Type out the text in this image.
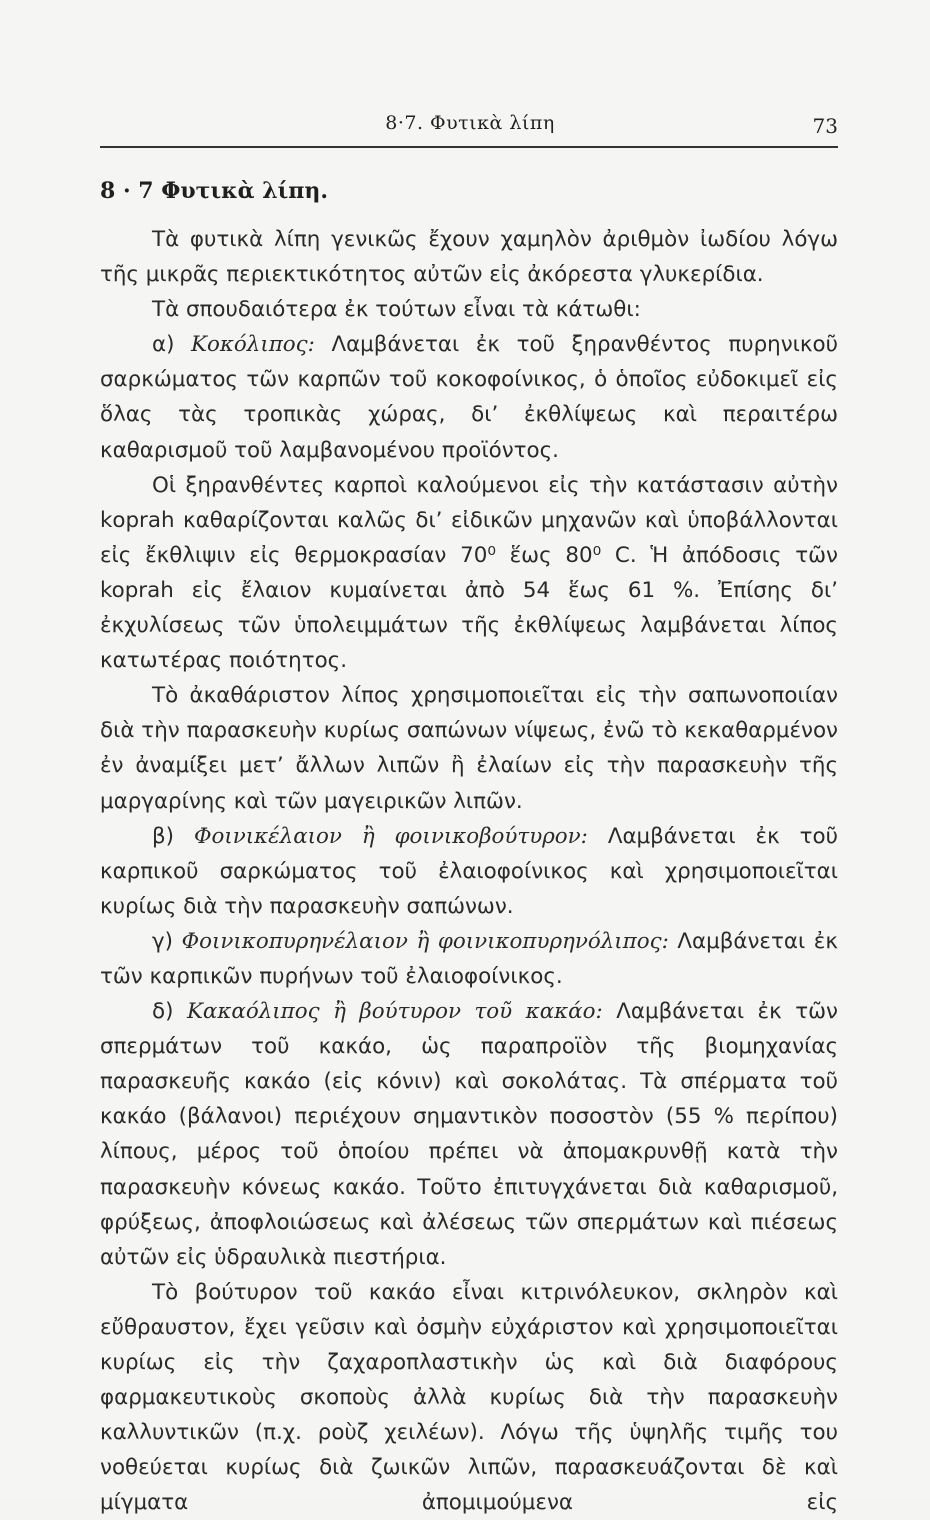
8·7. Φυτικὰ λίπη	73
8 · 7 Φυτικὰ λίπη.

Τὰ φυτικὰ λίπη γενικῶς ἔχουν χαμηλὸν ἀριθμὸν ἰωδίου λόγω τῆς μικρᾶς περιεκτικότητος αὐτῶν εἰς ἀκόρεστα γλυκερίδια.

Τὰ σπουδαιότερα ἐκ τούτων εἶναι τὰ κάτωθι:

α) Κοκόλιπος: Λαμβάνεται ἐκ τοῦ ξηρανθέντος πυρηνικοῦ σαρκώματος τῶν καρπῶν τοῦ κοκοφοίνικος, ὁ ὁποῖος εὐδοκιμεῖ εἰς ὅλας τὰς τροπικὰς χώρας, δι’ ἐκθλίψεως καὶ περαιτέρω καθαρισμοῦ τοῦ λαμβανομένου προϊόντος.

Οἱ ξηρανθέντες καρποὶ καλούμενοι εἰς τὴν κατάστασιν αὐτὴν kоprah καθαρίζονται καλῶς δι’ εἰδικῶν μηχανῶν καὶ ὑποβάλλονται εἰς ἔκθλιψιν εἰς θερμοκρασίαν 70⁰ ἕως 80⁰ C. Ἡ ἀπόδοσις τῶν koprah εἰς ἔλαιον κυμαίνεται ἀπὸ 54 ἕως 61 %. Ἐπίσης δι’ ἐκχυλίσεως τῶν ὑπολειμμάτων τῆς ἐκθλίψεως λαμβάνεται λίπος κατωτέρας ποιότητος.

Τὸ ἀκαθάριστον λίπος χρησιμοποιεῖται εἰς τὴν σαπωνοποιίαν διὰ τὴν παρασκευὴν κυρίως σαπώνων νίψεως, ἐνῶ τὸ κεκαθαρμένον ἐν ἀναμίξει μετ’ ἄλλων λιπῶν ἢ ἐλαίων εἰς τὴν παρασκευὴν τῆς μαργαρίνης καὶ τῶν μαγειρικῶν λιπῶν.

β) Φοινικέλαιον ἢ φοινικοβούτυρον: Λαμβάνεται ἐκ τοῦ καρπικοῦ σαρκώματος τοῦ ἐλαιοφοίνικος καὶ χρησιμοποιεῖται κυρίως διὰ τὴν παρασκευὴν σαπώνων.

γ) Φοινικοπυρηνέλαιον ἢ φοινικοπυρηνόλιπος: Λαμβάνεται ἐκ τῶν καρπικῶν πυρήνων τοῦ ἐλαιοφοίνικος.

δ) Κακαόλιπος ἢ βούτυρον τοῦ κακάο: Λαμβάνεται ἐκ τῶν σπερμάτων τοῦ κακάο, ὡς παραπροϊὸν τῆς βιομηχανίας παρασκευῆς κακάο (εἰς κόνιν) καὶ σοκολάτας. Τὰ σπέρματα τοῦ κακάο (βάλανοι) περιέχουν σημαντικὸν ποσοστὸν (55 % περίπου) λίπους, μέρος τοῦ ὁποίου πρέπει νὰ ἀπομακρυνθῇ κατὰ τὴν παρασκευὴν κόνεως κακάο. Τοῦτο ἐπιτυγχάνεται διὰ καθαρισμοῦ, φρύξεως, ἀποφλοιώσεως καὶ ἀλέσεως τῶν σπερμάτων καὶ πιέσεως αὐτῶν εἰς ὑδραυλικὰ πιεστήρια.

Τὸ βούτυρον τοῦ κακάο εἶναι κιτρινόλευκον, σκληρὸν καὶ εὔθραυστον, ἔχει γεῦσιν καὶ ὀσμὴν εὐχάριστον καὶ χρησιμοποιεῖται κυρίως εἰς τὴν ζαχαροπλαστικὴν ὡς καὶ διὰ διαφόρους φαρμακευτικοὺς σκοποὺς ἀλλὰ κυρίως διὰ τὴν παρασκευὴν καλλυντικῶν (π.χ. ροὺζ χειλέων). Λόγω τῆς ὑψηλῆς τιμῆς του νοθεύεται κυρίως διὰ ζωικῶν λιπῶν, παρασκευάζονται δὲ καὶ μίγματα ἀπομιμούμενα εἰς
